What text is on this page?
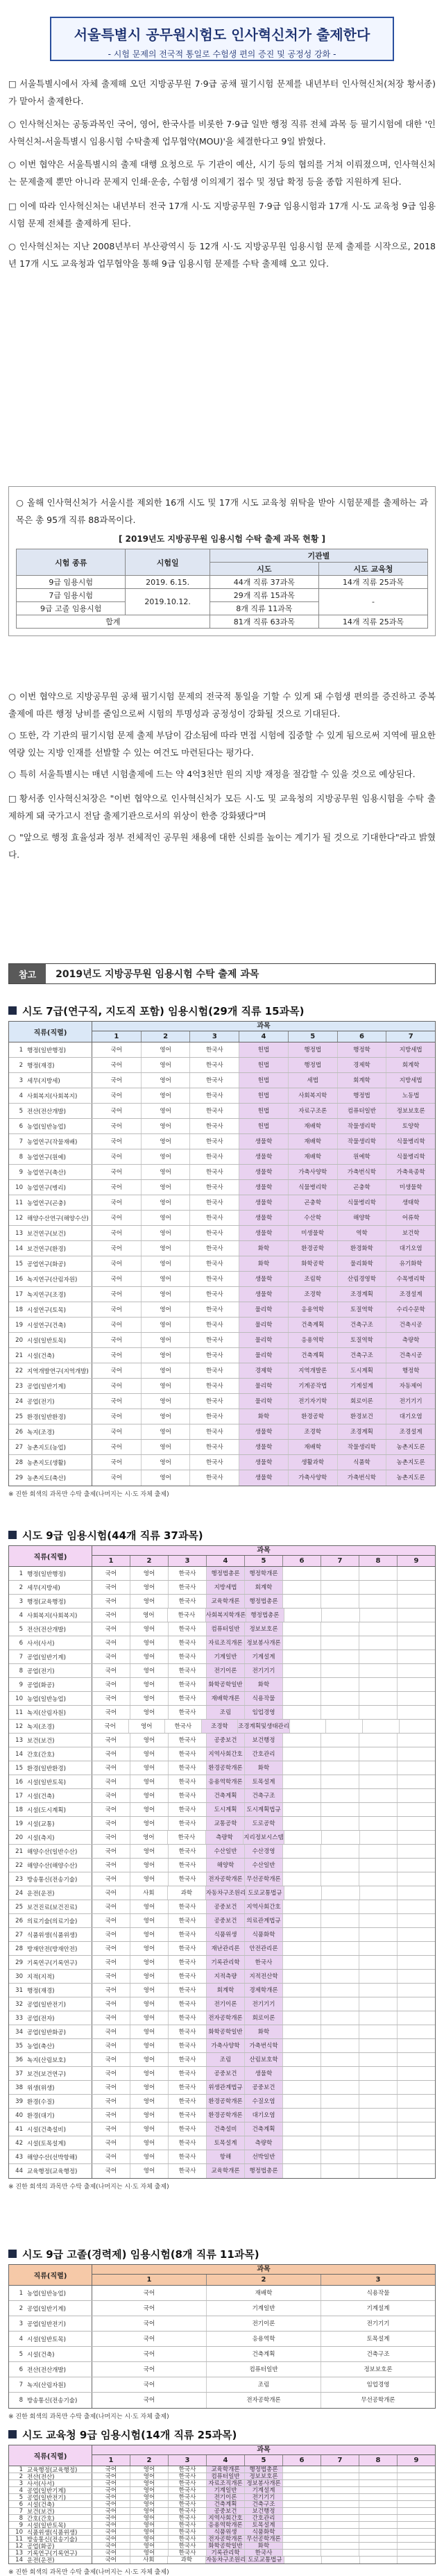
서울특별시 공무원시험도 인사혁신처가 출제한다
- 시험 문제의 전국적 통일로 수험생 편의 증진 및 공정성 강화 -

□ 서울특별시에서 자체 출제해 오던 지방공무원 7·9급 공채 필기시험 문제를 내년부터 인사혁신처(처장 황서종)가 맡아서 출제한다.

○ 인사혁신처는 공동과목인 국어, 영어, 한국사를 비롯한 7·9급 일반 행정 직류 전체 과목 등 필기시험에 대한 '인사혁신처-서울특별시 임용시험 수탁출제 업무협약(MOU)'을 체결한다고 9일 밝혔다.

○ 이번 협약은 서울특별시의 출제 대행 요청으로 두 기관이 예산, 시기 등의 협의를 거쳐 이뤄졌으며, 인사혁신처는 문제출제 뿐만 아니라 문제지 인쇄·운송, 수험생 이의제기 접수 및 정답 확정 등을 종합 지원하게 된다.

□ 이에 따라 인사혁신처는 내년부터 전국 17개 시·도 지방공무원 7·9급 임용시험과 17개 시·도 교육청 9급 임용시험 문제 전체를 출제하게 된다.

○ 인사혁신처는 지난 2008년부터 부산광역시 등 12개 시·도 지방공무원 임용시험 문제 출제를 시작으로, 2018년 17개 시도 교육청과 업무협약을 통해 9급 임용시험 문제를 수탁 출제해 오고 있다.

○ 올해 인사혁신처가 서울시를 제외한 16개 시도 및 17개 시도 교육청 위탁을 받아 시험문제를 출제하는 과목은 총 95개 직류 88과목이다.

[ 2019년도 지방공무원 임용시험 수탁 출제 과목 현황 ]
시험 종류	시험일	기관별	
		시도	시도 교육청
9급 임용시험	2019. 6.15.	44개 직류 37과목	14개 직류 25과목
7급 임용시험	2019.10.12.	29개 직류 15과목	-
9급 고졸 임용시험		8개 직류 11과목	
합계		81개 직류 63과목	14개 직류 25과목

○ 이번 협약으로 지방공무원 공채 필기시험 문제의 전국적 통일을 기할 수 있게 돼 수험생 편의를 증진하고 중복 출제에 따른 행정 낭비를 줄임으로써 시험의 투명성과 공정성이 강화될 것으로 기대된다.

○ 또한, 각 기관의 필기시험 문제 출제 부담이 감소됨에 따라 면접 시험에 집중할 수 있게 됨으로써 지역에 필요한 역량 있는 지방 인재를 선발할 수 있는 여건도 마련된다는 평가다.

○ 특히 서울특별시는 매년 시험출제에 드는 약 4억3천만 원의 지방 재정을 절감할 수 있을 것으로 예상된다.

□ 황서종 인사혁신처장은 "이번 협약으로 인사혁신처가 모든 시·도 및 교육청의 지방공무원 임용시험을 수탁 출제하게 돼 국가고시 전담 출제기관으로서의 위상이 한층 강화됐다"며

○ "앞으로 행정 효율성과 정부 전체적인 공무원 채용에 대한 신뢰를 높이는 계기가 될 것으로 기대한다"라고 밝혔다.

참고	2019년도 지방공무원 임용시험 수탁 출제 과목
시도 7급(연구직, 지도직 포함) 임용시험(29개 직류 15과목)
직류(직렬)
과목
1	2	3	4	5	6	7
1 행정(일반행정)	국어	영어	한국사	헌법	행정법	행정학	지방세법
2 행정(재경)	국어	영어	한국사	헌법	행정법	경제학	회계학
3 세무(지방세)	국어	영어	한국사	헌법	세법	회계학	지방세법
4 사회복지(사회복지)	국어	영어	한국사	헌법	사회복지학	행정법	노동법
5 전산(전산개발)	국어	영어	한국사	헌법	자료구조론	컴퓨터일반	정보보호론
6 농업(일반농업)	국어	영어	한국사	헌법	재배학	작물생리학	토양학
7 농업연구(작물재배)	국어	영어	한국사	생물학	재배학	작물생리학	식물병리학
8 농업연구(원예)	국어	영어	한국사	생물학	재배학	원예학	식물병리학
9 농업연구(축산)	국어	영어	한국사	생물학	가축사양학	가축번식학	가축육종학
10 농업연구(병리)	국어	영어	한국사	생물학	식물병리학	곤충학	미생물학
11 농업연구(곤충)	국어	영어	한국사	생물학	곤충학	식물병리학	생태학
12 해양수산연구(해양수산)	국어	영어	한국사	생물학	수산학	해양학	어류학
13 보건연구(보건)	국어	영어	한국사	생물학	미생물학	역학	보건학
14 보건연구(환경)	국어	영어	한국사	화학	환경공학	환경화학	대기오염
15 공업연구(화공)	국어	영어	한국사	화학	화학공학	물리화학	유기화학
16 녹지연구(산림자원)	국어	영어	한국사	생물학	조림학	산림경영학	수목병리학
17 녹지연구(조경)	국어	영어	한국사	생물학	조경학	조경계획	조경설계
18 시설연구(토목)	국어	영어	한국사	물리학	응용역학	토질역학	수리수문학
19 시설연구(건축)	국어	영어	한국사	물리학	건축계획	건축구조	건축시공
20 시설(일반토목)	국어	영어	한국사	물리학	응용역학	토질역학	측량학
21 시설(건축)	국어	영어	한국사	물리학	건축계획	건축구조	건축시공
22 지역개발연구(지역개발)	국어	영어	한국사	경제학	지역개발론	도시계획	행정학
23 공업(일반기계)	국어	영어	한국사	물리학	기계공작법	기계설계	자동제어
24 공업(전기)	국어	영어	한국사	물리학	전기자기학	회로이론	전기기기
25 환경(일반환경)	국어	영어	한국사	화학	환경공학	환경보건	대기오염
26 녹지(조경)	국어	영어	한국사	생물학	조경학	조경계획	조경설계
27 농촌지도(농업)	국어	영어	한국사	생물학	재배학	작물생리학	농촌지도론
28 농촌지도(생활)	국어	영어	한국사	생물학	생활과학	식품학	농촌지도론
29 농촌지도(축산)	국어	영어	한국사	생물학	가축사양학	가축번식학	농촌지도론
※ 진한 회색의 과목만 수탁 출제(나머지는 시·도 자체 출제)
시도 9급 임용시험(44개 직류 37과목)
직류(직렬)
과목
1	2	3	4	5	6	7	8	9
1 행정(일반행정)	국어	영어	한국사	행정법총론	행정학개론
2 세무(지방세)	국어	영어	한국사	지방세법	회계학
3 행정(교육행정)	국어	영어	한국사	교육학개론	행정법총론
4 사회복지(사회복지)	국어	영어	한국사	사회복지학개론 행정법총론
5 전산(전산개발)	국어	영어	한국사	컴퓨터일반	정보보호론
6 사서(사서)	국어	영어	한국사	자료조직개론 정보봉사개론
7 공업(일반기계)	국어	영어	한국사	기계일반	기계설계
8 공업(전기)	국어	영어	한국사	전기이론	전기기기
9 공업(화공)	국어	영어	한국사	화학공학일반	화학
10 농업(일반농업)	국어	영어	한국사	재배학개론	식용작물
11 녹지(산림자원)	국어	영어	한국사	조림	임업경영
12 녹지(조경)	국어	영어	한국사	조경학	조경계획및생태관리
13 보건(보건)	국어	영어	한국사	공중보건	보건행정
14 간호(간호)	국어	영어	한국사	지역사회간호	간호관리
15 환경(일반환경)	국어	영어	한국사	환경공학개론	화학
16 시설(일반토목)	국어	영어	한국사	응용역학개론	토목설계
17 시설(건축)	국어	영어	한국사	건축계획	건축구조
18 시설(도시계획)	국어	영어	한국사	도시계획	도시계획법규
19 시설(교통)	국어	영어	한국사	교통공학	도로공학
20 시설(측지)	국어	영어	한국사	측량학	지리정보시스템
21 해양수산(일반수산)	국어	영어	한국사	수산일반	수산경영
22 해양수산(해양수산)	국어	영어	한국사	해양학	수산일반
23 방송통신(전송기술)	국어	영어	한국사	전자공학개론 무선공학개론
24 운전(운전)	국어	사회	과학	자동차구조원리 도로교통법규
25 보건진료(보건진료)	국어	영어	한국사	공중보건	지역사회간호
26 의료기술(의료기술)	국어	영어	한국사	공중보건	의료관계법규
27 식품위생(식품위생)	국어	영어	한국사	식품위생	식품화학
28 방재안전(방재안전)	국어	영어	한국사	재난관리론	안전관리론
29 기록연구(기록연구)	국어	영어	한국사	기록관리학	한국사
30 지적(지적)	국어	영어	한국사	지적측량	지적전산학
31 행정(재경)	국어	영어	한국사	회계학	경제학개론
32 공업(일반전기)	국어	영어	한국사	전기이론	전기기기
33 공업(전자)	국어	영어	한국사	전자공학개론	회로이론
34 공업(일반화공)	국어	영어	한국사	화학공학일반	화학
35 농업(축산)	국어	영어	한국사	가축사양학	가축번식학
36 녹지(산림보호)	국어	영어	한국사	조림	산림보호학
37 보건(보건연구)	국어	영어	한국사	공중보건	생물학
38 위생(위생)	국어	영어	한국사	위생관계법규	공중보건
39 환경(수질)	국어	영어	한국사	환경공학개론	수질오염
40 환경(대기)	국어	영어	한국사	환경공학개론	대기오염
41 시설(건축설비)	국어	영어	한국사	건축설비	건축계획
42 시설(토목설계)	국어	영어	한국사	토목설계	측량학
43 해양수산(선박항해)	국어	영어	한국사	항해	선박일반
44 교육행정(교육행정)	국어	영어	한국사	교육학개론	행정법총론
※ 진한 회색의 과목만 수탁 출제(나머지는 시·도 자체 출제)
시도 9급 고졸(경력제) 임용시험(8개 직류 11과목)
직류(직렬)
과목
1	2	3
1 농업(일반농업)	국어	재배학	식용작물
2 공업(일반기계)	국어	기계일반	기계설계
3 공업(일반전기)	국어	전기이론	전기기기
4 시설(일반토목)	국어	응용역학	토목설계
5 시설(건축)	국어	건축계획	건축구조
6 전산(전산개발)	국어	컴퓨터일반	정보보호론
7 녹지(산림자원)	국어	조림	임업경영
8 방송통신(전송기술)	국어	전자공학개론	무선공학개론
※ 진한 회색의 과목만 수탁 출제(나머지는 시·도 자체 출제)
시도 교육청 9급 임용시험(14개 직류 25과목)
직류(직렬)
과목
1	2	3	4	5	6	7	8	9
1 교육행정(교육행정)	국어	영어	한국사	교육학개론	행정법총론
2 전산(전산)	국어	영어	한국사	컴퓨터일반	정보보호론
3 사서(사서)	국어	영어	한국사	자료조직개론 정보봉사개론
4 공업(일반기계)	국어	영어	한국사	기계일반	기계설계
5 공업(일반전기)	국어	영어	한국사	전기이론	전기기기
6 시설(건축)	국어	영어	한국사	건축계획	건축구조
7 보건(보건)	국어	영어	한국사	공중보건	보건행정
8 간호(간호)	국어	영어	한국사	지역사회간호	간호관리
9 시설(일반토목)	국어	영어	한국사	응용역학개론	토목설계
10 식품위생(식품위생)	국어	영어	한국사	식품위생	식품화학
11 방송통신(전송기술)	국어	영어	한국사	전자공학개론 무선공학개론
12 공업(화공)	국어	영어	한국사	화학공학일반	화학
13 기록연구(기록연구)	국어	영어	한국사	기록관리학	한국사
14 운전(운전)	국어	사회	과학	자동차구조원리 도로교통법규
※ 진한 회색의 과목만 수탁 출제(나머지는 시·도 자체 출제)
